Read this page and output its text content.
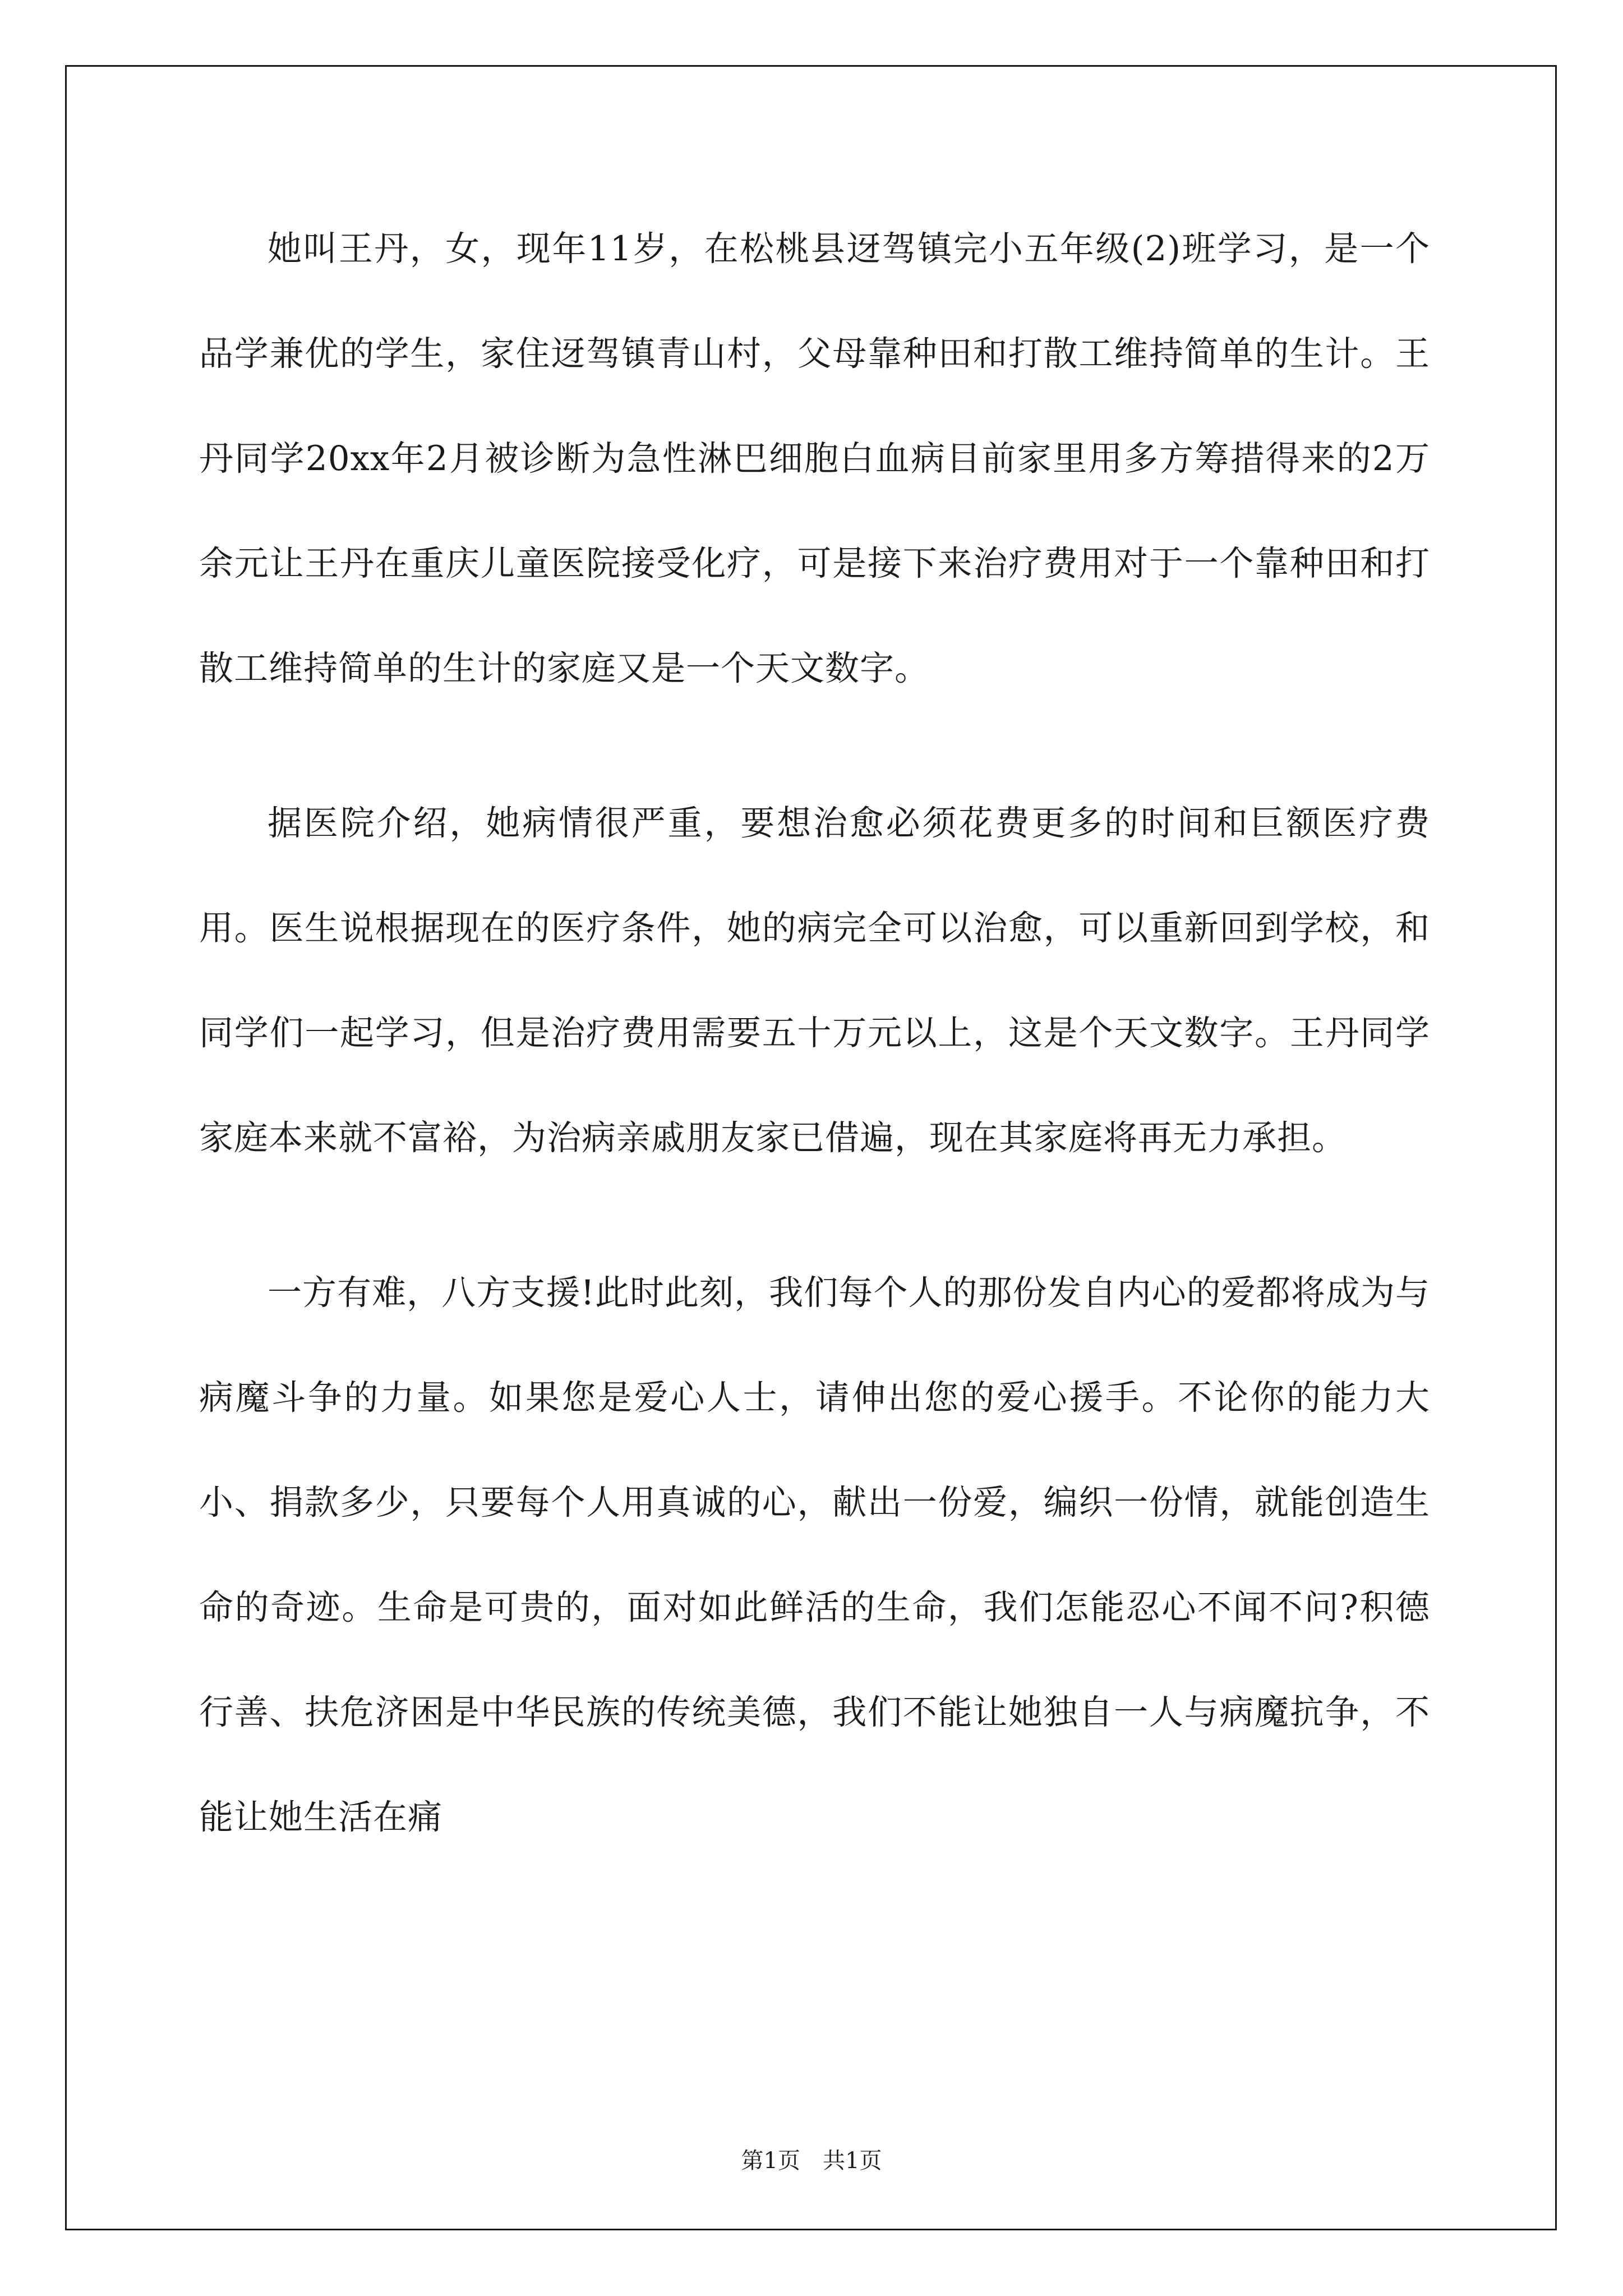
她叫王丹，女，现年11岁，在松桃县迓驾镇完小五年级(2)班学习，是一个品学兼优的学生，家住迓驾镇青山村，父母靠种田和打散工维持简单的生计。王丹同学20xx年2月被诊断为急性淋巴细胞白血病目前家里用多方筹措得来的2万余元让王丹在重庆儿童医院接受化疗，可是接下来治疗费用对于一个靠种田和打散工维持简单的生计的家庭又是一个天文数字。

据医院介绍，她病情很严重，要想治愈必须花费更多的时间和巨额医疗费用。医生说根据现在的医疗条件，她的病完全可以治愈，可以重新回到学校，和同学们一起学习，但是治疗费用需要五十万元以上，这是个天文数字。王丹同学家庭本来就不富裕，为治病亲戚朋友家已借遍，现在其家庭将再无力承担。

一方有难，八方支援!此时此刻，我们每个人的那份发自内心的爱都将成为与病魔斗争的力量。如果您是爱心人士，请伸出您的爱心援手。不论你的能力大小、捐款多少，只要每个人用真诚的心，献出一份爱，编织一份情，就能创造生命的奇迹。生命是可贵的，面对如此鲜活的生命，我们怎能忍心不闻不问?积德行善、扶危济困是中华民族的传统美德，我们不能让她独自一人与病魔抗争，不能让她生活在痛

第1页　共1页
